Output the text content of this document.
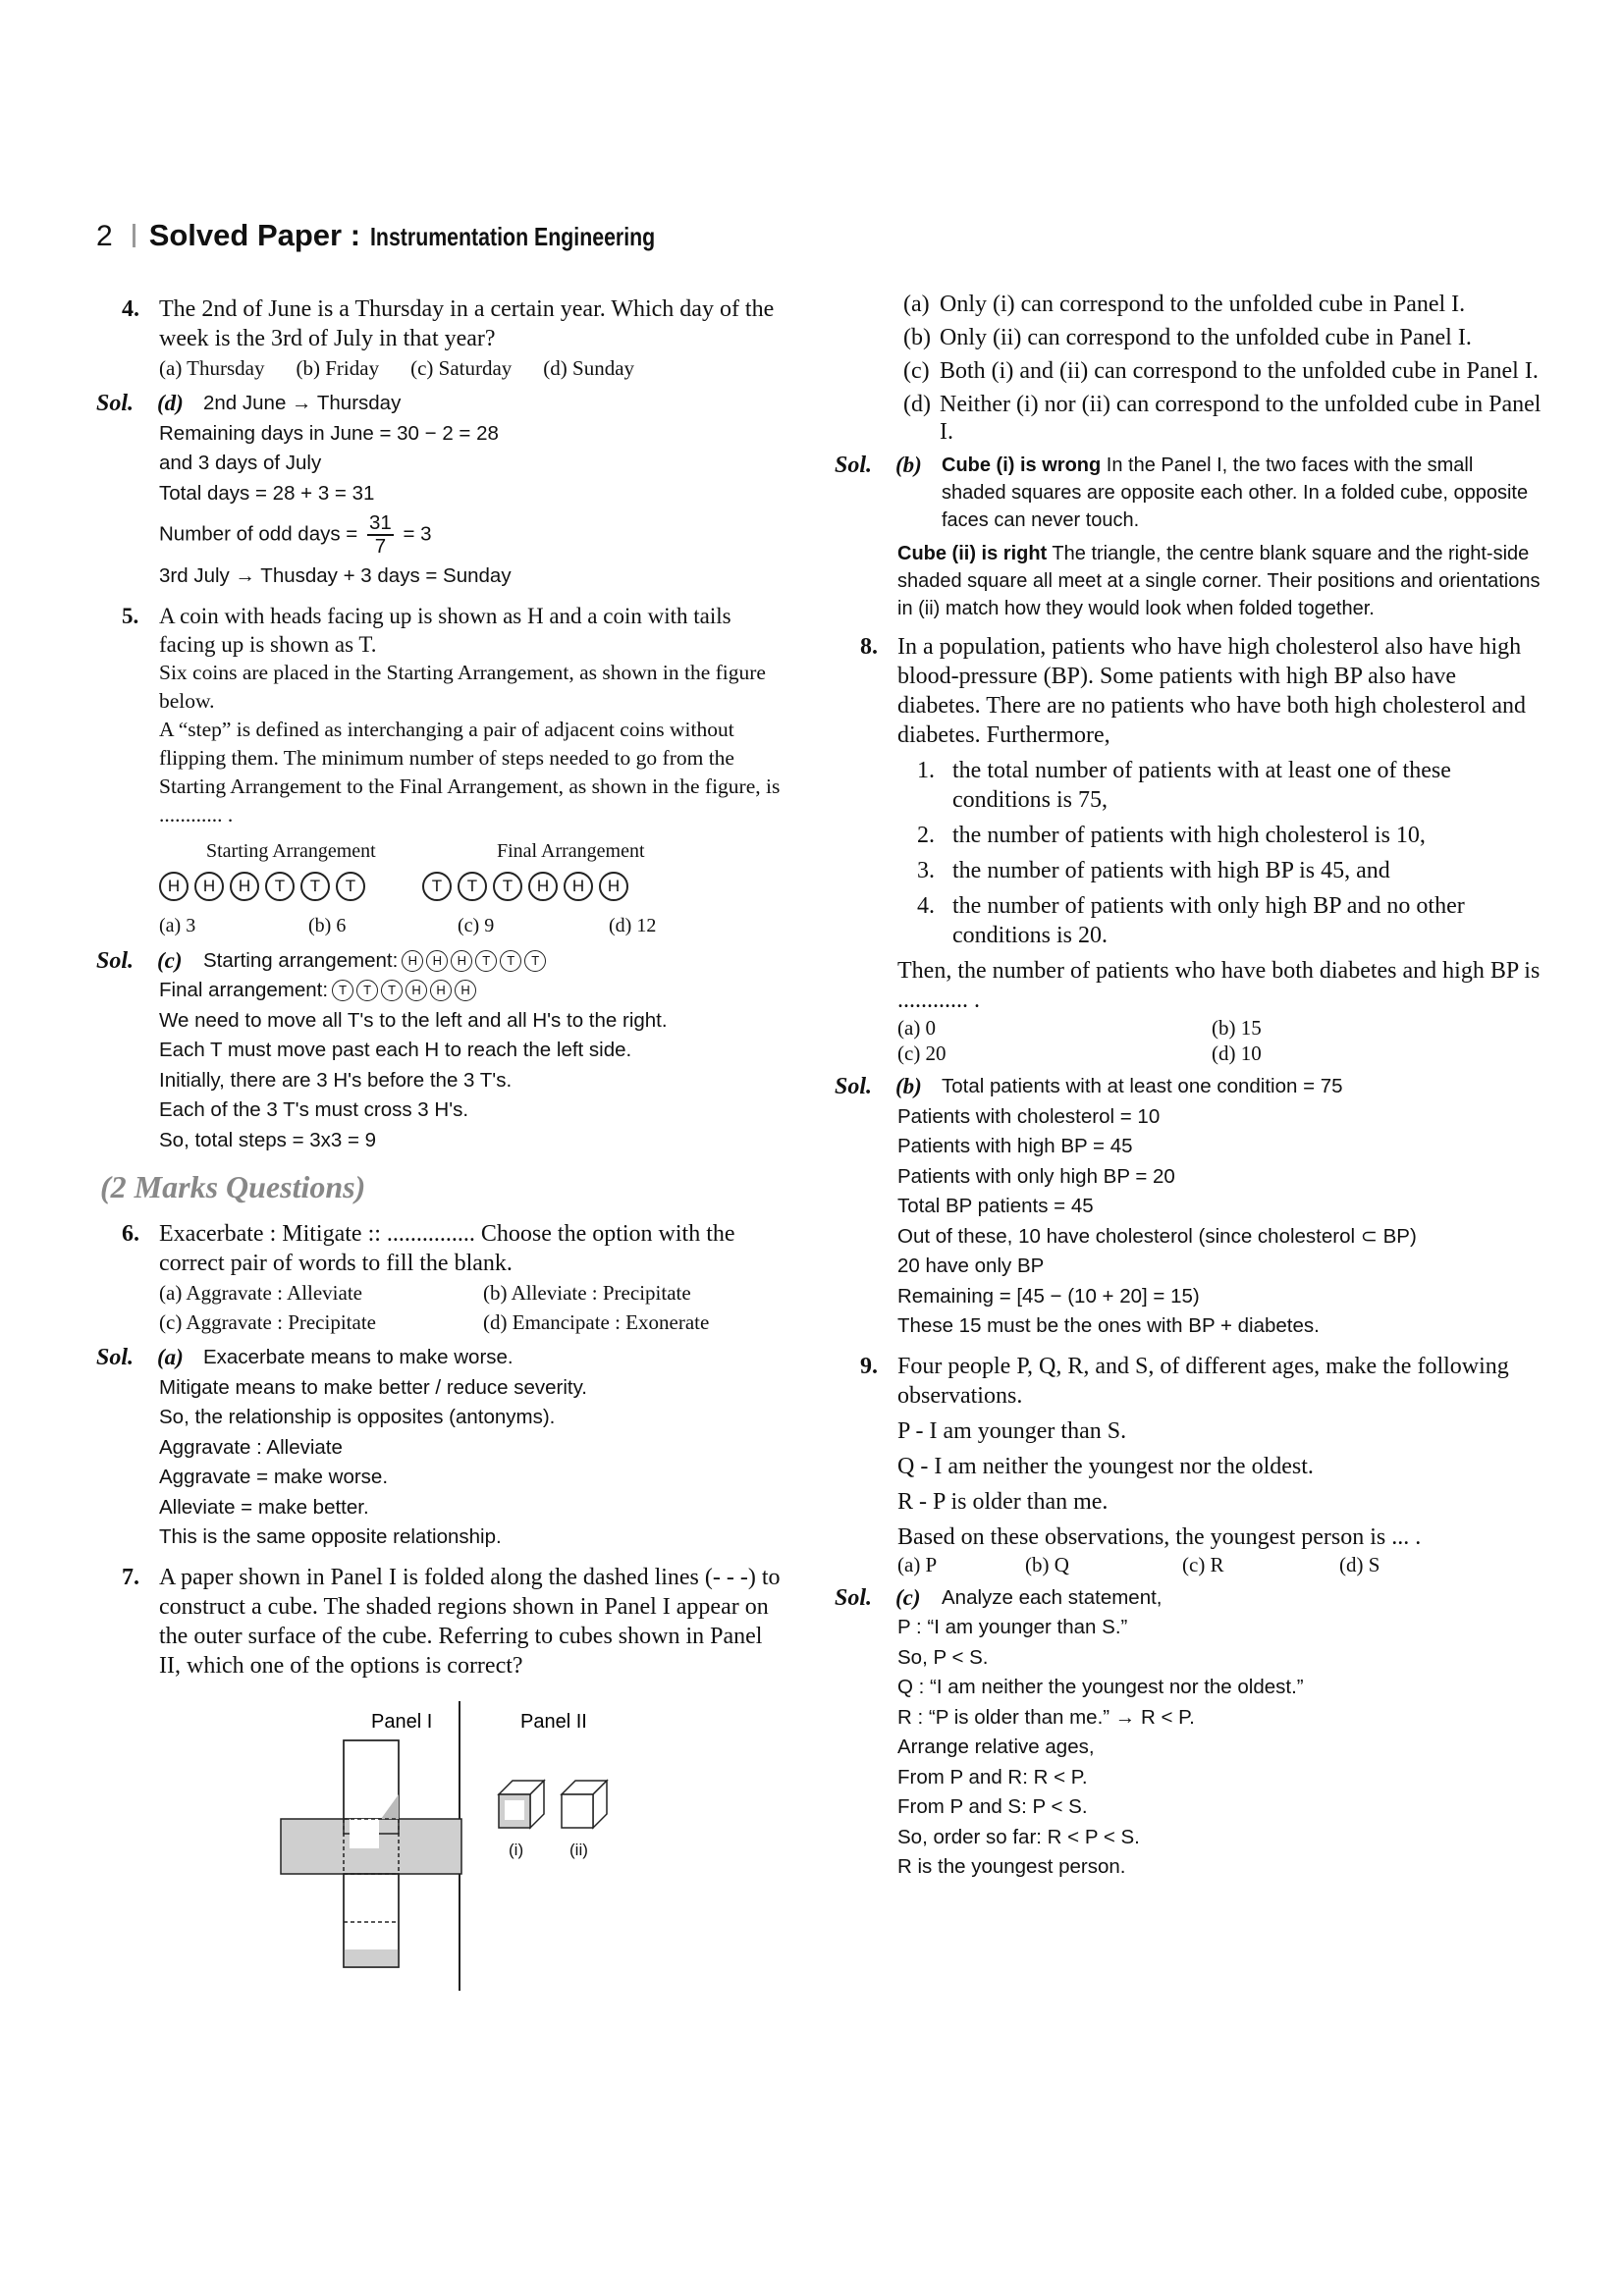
2 Solved Paper : Instrumentation Engineering
4. The 2nd of June is a Thursday in a certain year. Which day of the week is the 3rd of July in that year?
(a) Thursday (b) Friday (c) Saturday (d) Sunday
Sol. (d) 2nd June → Thursday
Remaining days in June = 30 − 2 = 28
and 3 days of July
Total days = 28 + 3 = 31
Number of odd days = $\frac{31}{7} = 3$
3rd July → Thusday + 3 days = Sunday
5. A coin with heads facing up is shown as H and a coin with tails facing up is shown as T.
Six coins are placed in the Starting Arrangement, as shown in the figure below.
A “step” is defined as interchanging a pair of adjacent coins without flipping them. The minimum number of steps needed to go from the Starting Arrangement to the Final Arrangement, as shown in the figure, is ............ .
Starting Arrangement	Final Arrangement
H	H	H	T	T	T	T	T	T	H	H	H
(a) 3	(b) 6	(c) 9	(d) 12
Sol. (c) Starting arrangement: H	H	H	T	T	T
Final arrangement: T	T	T	H	H	H
We need to move all T's to the left and all H's to the right.
Each T must move past each H to reach the left side.
Initially, there are 3 H's before the 3 T's.
Each of the 3 T's must cross 3 H's.
So, total steps = 3x3 = 9
(2 Marks Questions)
6. Exacerbate : Mitigate :: ............... Choose the option with the correct pair of words to fill the blank.
(a) Aggravate : Alleviate	(b) Alleviate : Precipitate
(c) Aggravate : Precipitate	(d) Emancipate : Exonerate
Sol. (a) Exacerbate means to make worse.
Mitigate means to make better / reduce severity.
So, the relationship is opposites (antonyms).
Aggravate : Alleviate
Aggravate = make worse.
Alleviate = make better.
This is the same opposite relationship.
7. A paper shown in Panel I is folded along the dashed lines (- - -) to construct a cube. The shaded regions shown in Panel I appear on the outer surface of the cube. Referring to cubes shown in Panel II, which one of the options is correct?
Panel I	Panel II
(i)	(ii)
(a) Only (i) can correspond to the unfolded cube in Panel I.
(b) Only (ii) can correspond to the unfolded cube in Panel I.
(c) Both (i) and (ii) can correspond to the unfolded cube in Panel I.
(d) Neither (i) nor (ii) can correspond to the unfolded cube in Panel I.
Sol. (b)	Cube (i) is wrong In the Panel I, the two faces with the small shaded squares are opposite each other. In a folded cube, opposite faces can never touch.
Cube (ii) is right The triangle, the centre blank square and the right-side shaded square all meet at a single corner. Their positions and orientations in (ii) match how they would look when folded together.
8. In a population, patients who have high cholesterol also have high blood-pressure (BP). Some patients with high BP also have diabetes. There are no patients who have both high cholesterol and diabetes. Furthermore,
1. the total number of patients with at least one of these conditions is 75,
2. the number of patients with high cholesterol is 10,
3. the number of patients with high BP is 45, and
4. the number of patients with only high BP and no other conditions is 20.
Then, the number of patients who have both diabetes and high BP is ............ .
(a) 0	(b) 15
(c) 20	(d) 10
Sol. (b) Total patients with at least one condition = 75
Patients with cholesterol = 10
Patients with high BP = 45
Patients with only high BP = 20
Total BP patients = 45
Out of these, 10 have cholesterol (since cholesterol ⊂ BP)
20 have only BP
Remaining = [45 − (10 + 20] = 15)
These 15 must be the ones with BP + diabetes.
9. Four people P, Q, R, and S, of different ages, make the following observations.
P - I am younger than S.
Q - I am neither the youngest nor the oldest.
R - P is older than me.
Based on these observations, the youngest person is ... .
(a) P	(b) Q	(c) R	(d) S
Sol. (c)	Analyze each statement,
P : “I am younger than S.”
So, P < S.
Q : “I am neither the youngest nor the oldest.”
R : “P is older than me.” → R < P.
Arrange relative ages,
From P and R: R < P.
From P and S: P < S.
So, order so far: R < P < S.
R is the youngest person.
